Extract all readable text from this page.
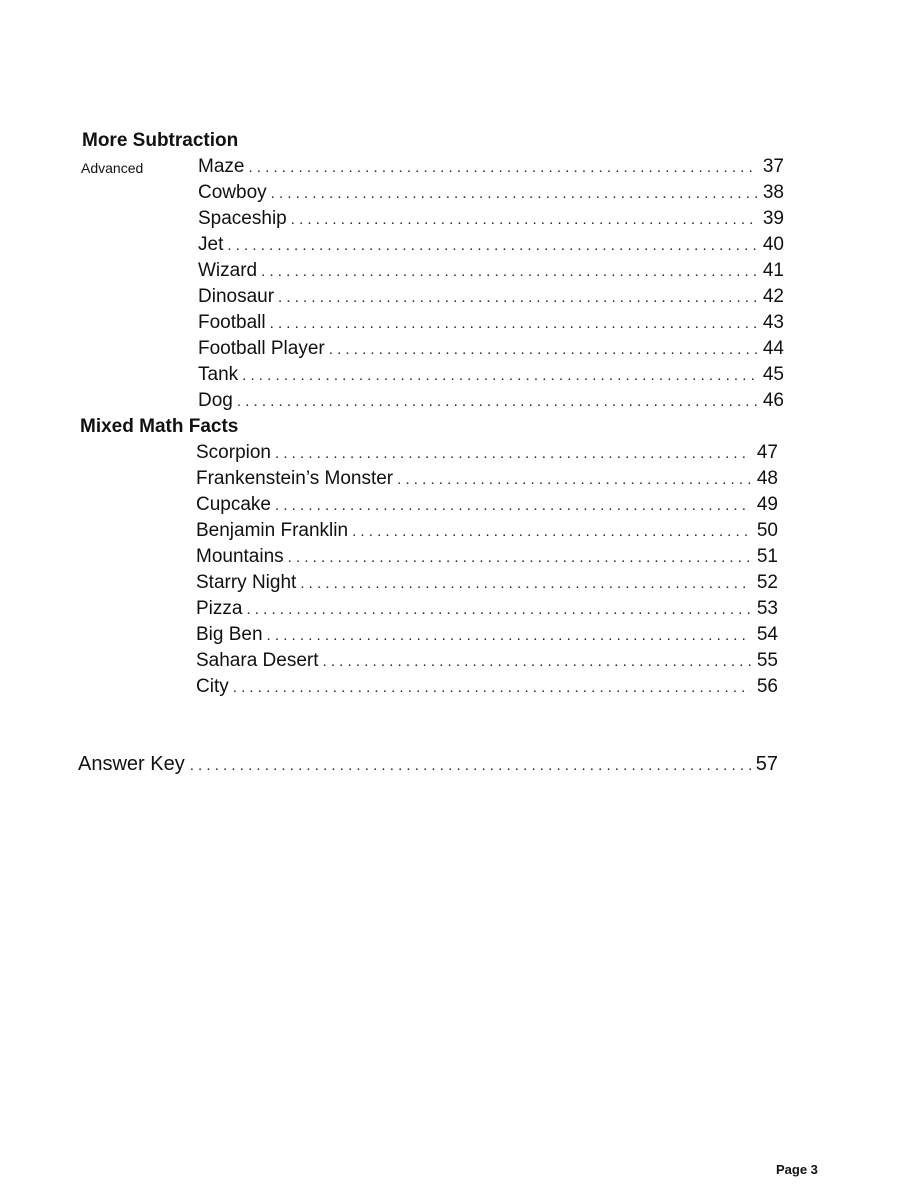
More Subtraction
Advanced	Maze . . .	37
Cowboy . . .	38
Spaceship . . .	39
Jet . . .	40
Wizard . . .	41
Dinosaur . . .	42
Football . . .	43
Football Player . . .	44
Tank . . .	45
Dog . . .	46
Mixed Math Facts
Scorpion . . .	47
Frankenstein’s Monster . . .	48
Cupcake . . .	49
Benjamin Franklin . . .	50
Mountains . . .	51
Starry Night . . .	52
Pizza . . .	53
Big Ben . . .	54
Sahara Desert . . .	55
City . . .	56
Answer Key . . .	57
Page 3
